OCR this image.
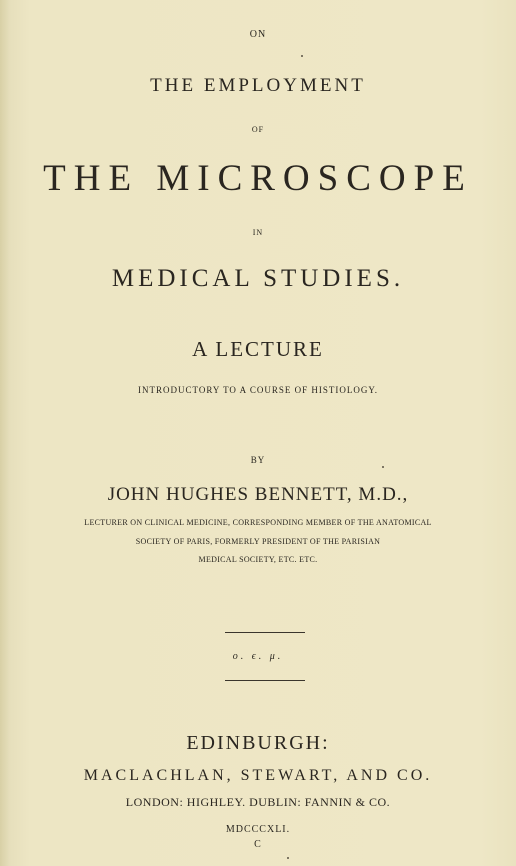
ON
THE EMPLOYMENT
OF
THE MICROSCOPE
IN
MEDICAL STUDIES.
A LECTURE
INTRODUCTORY TO A COURSE OF HISTIOLOGY.
BY
JOHN HUGHES BENNETT, M.D.,
LECTURER ON CLINICAL MEDICINE, CORRESPONDING MEMBER OF THE ANATOMICAL
SOCIETY OF PARIS, FORMERLY PRESIDENT OF THE PARISIAN
MEDICAL SOCIETY, ETC. ETC.
ο. ϵ. μ.
EDINBURGH:
MACLACHLAN, STEWART, AND CO.
LONDON: HIGHLEY. DUBLIN: FANNIN & CO.
MDCCCXLI.
C
